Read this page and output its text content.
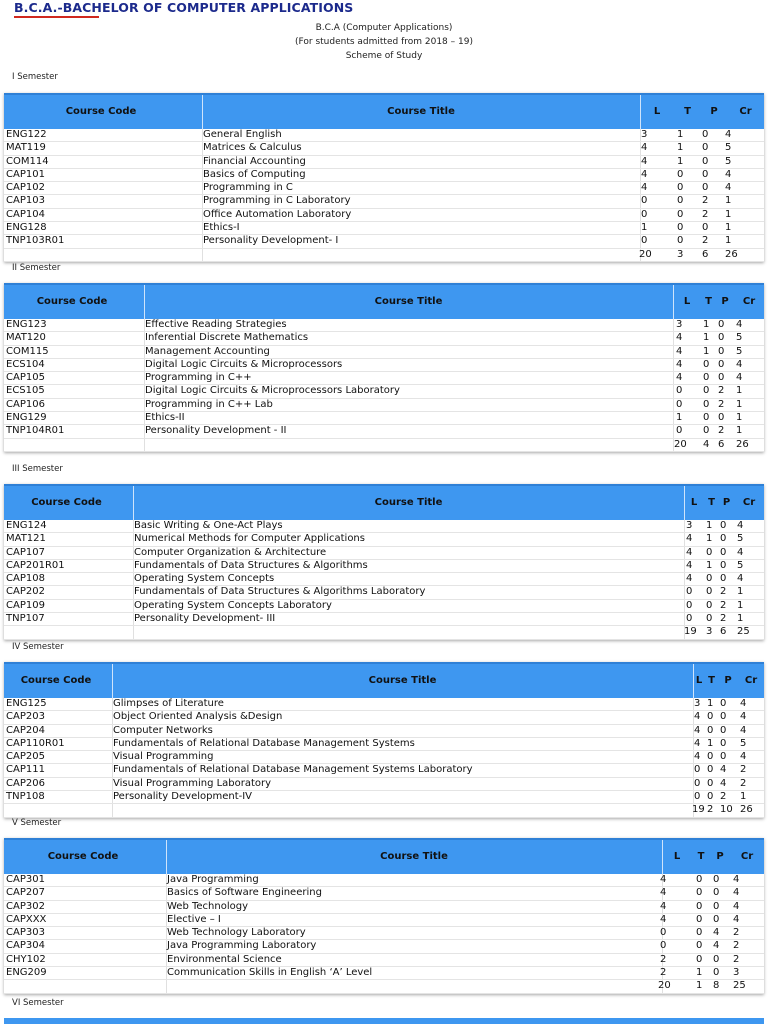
B.C.A.-BACHELOR OF COMPUTER APPLICATIONS
B.C.A (Computer Applications)
(For students admitted from 2018 – 19)
Scheme of Study
I Semester
Course Code	Course Title	L	T	P	Cr
ENG122	General English	3	1 0 4
MAT119	Matrices & Calculus	4	1 0 5
COM114	Financial Accounting	4	1 0 5
CAP101	Basics of Computing	4	0 0 4
CAP102	Programming in C	4	0 0 4
CAP103	Programming in C Laboratory	0	0 2 1
CAP104	Office Automation Laboratory	0	0 2 1
ENG128	Ethics-I	1	0 0 1
TNP103R01	Personality Development- I	0	0 2 1
20	3 6 26
II Semester
Course Code	Course Title	L	T P	Cr
ENG123	Effective Reading Strategies	3 1 0 4
MAT120	Inferential Discrete Mathematics	4 1 0 5
COM115	Management Accounting	4 1 0 5
ECS104	Digital Logic Circuits & Microprocessors	4 0 0 4
CAP105	Programming in C++	4 0 0 4
ECS105	Digital Logic Circuits & Microprocessors Laboratory	0 0 2 1
CAP106	Programming in C++ Lab	0 0 2 1
ENG129	Ethics-II	1 0 0 1
TNP104R01	Personality Development - II	0 0 2 1
20 4 6 26
III Semester
Course Code	Course Title	L	T P	Cr
ENG124	Basic Writing & One-Act Plays	3 1 0 4
MAT121	Numerical Methods for Computer Applications	4 1 0 5
CAP107	Computer Organization & Architecture	4 0 0 4
CAP201R01	Fundamentals of Data Structures & Algorithms	4 1 0 5
CAP108	Operating System Concepts	4 0 0 4
CAP202	Fundamentals of Data Structures & Algorithms Laboratory	0 0 2 1
CAP109	Operating System Concepts Laboratory	0 0 2 1
TNP107	Personality Development- III	0 0 2 1
19 3 6 25
IV Semester
Course Code	Course Title	L T P	Cr
ENG125	Glimpses of Literature	3 1 0 4
CAP203	Object Oriented Analysis &Design	4 0 0 4
CAP204	Computer Networks	4 0 0 4
CAP110R01	Fundamentals of Relational Database Management Systems	4 1 0 5
CAP205	Visual Programming	4 0 0 4
CAP111	Fundamentals of Relational Database Management Systems Laboratory	0 0 4 2
CAP206	Visual Programming Laboratory	0 0 4 2
TNP108	Personality Development-IV	0 0 2 1
19 2 10 26
V Semester
Course Code	Course Title	L	T	P	Cr
CAP301	Java Programming	4	0 0 4
CAP207	Basics of Software Engineering	4	0 0 4
CAP302	Web Technology	4	0 0 4
CAPXXX	Elective – I	4	0 0 4
CAP303	Web Technology Laboratory	0	0 4 2
CAP304	Java Programming Laboratory	0	0 4 2
CHY102	Environmental Science	2	0 0 2
ENG209	Communication Skills in English ‘A’ Level	2	1 0 3
20	1 8 25
VI Semester
